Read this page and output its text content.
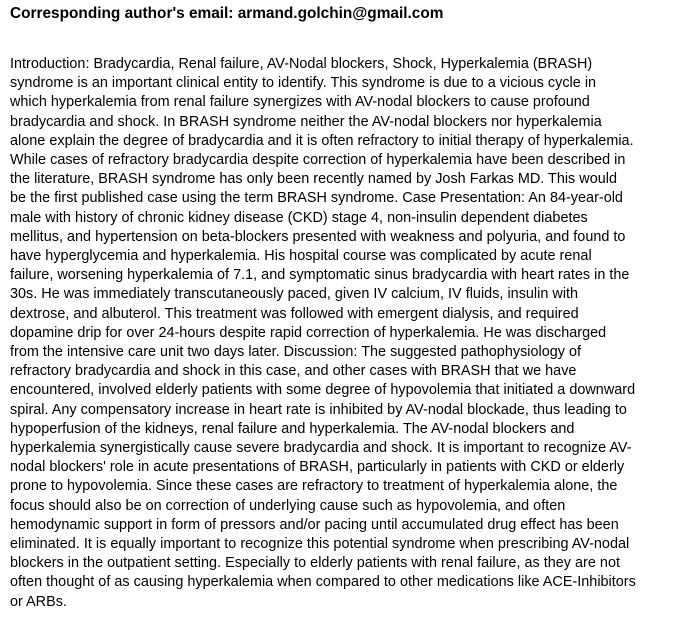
Corresponding author's email: armand.golchin@gmail.com

Introduction: Bradycardia, Renal failure, AV-Nodal blockers, Shock, Hyperkalemia (BRASH)
syndrome is an important clinical entity to identify. This syndrome is due to a vicious cycle in
which hyperkalemia from renal failure synergizes with AV-nodal blockers to cause profound
bradycardia and shock. In BRASH syndrome neither the AV-nodal blockers nor hyperkalemia
alone explain the degree of bradycardia and it is often refractory to initial therapy of hyperkalemia.
While cases of refractory bradycardia despite correction of hyperkalemia have been described in
the literature, BRASH syndrome has only been recently named by Josh Farkas MD. This would
be the first published case using the term BRASH syndrome. Case Presentation: An 84-year-old
male with history of chronic kidney disease (CKD) stage 4, non-insulin dependent diabetes
mellitus, and hypertension on beta-blockers presented with weakness and polyuria, and found to
have hyperglycemia and hyperkalemia. His hospital course was complicated by acute renal
failure, worsening hyperkalemia of 7.1, and symptomatic sinus bradycardia with heart rates in the
30s. He was immediately transcutaneously paced, given IV calcium, IV fluids, insulin with
dextrose, and albuterol. This treatment was followed with emergent dialysis, and required
dopamine drip for over 24-hours despite rapid correction of hyperkalemia. He was discharged
from the intensive care unit two days later. Discussion: The suggested pathophysiology of
refractory bradycardia and shock in this case, and other cases with BRASH that we have
encountered, involved elderly patients with some degree of hypovolemia that initiated a downward
spiral. Any compensatory increase in heart rate is inhibited by AV-nodal blockade, thus leading to
hypoperfusion of the kidneys, renal failure and hyperkalemia. The AV-nodal blockers and
hyperkalemia synergistically cause severe bradycardia and shock. It is important to recognize AV-
nodal blockers' role in acute presentations of BRASH, particularly in patients with CKD or elderly
prone to hypovolemia. Since these cases are refractory to treatment of hyperkalemia alone, the
focus should also be on correction of underlying cause such as hypovolemia, and often
hemodynamic support in form of pressors and/or pacing until accumulated drug effect has been
eliminated. It is equally important to recognize this potential syndrome when prescribing AV-nodal
blockers in the outpatient setting. Especially to elderly patients with renal failure, as they are not
often thought of as causing hyperkalemia when compared to other medications like ACE-Inhibitors
or ARBs.
